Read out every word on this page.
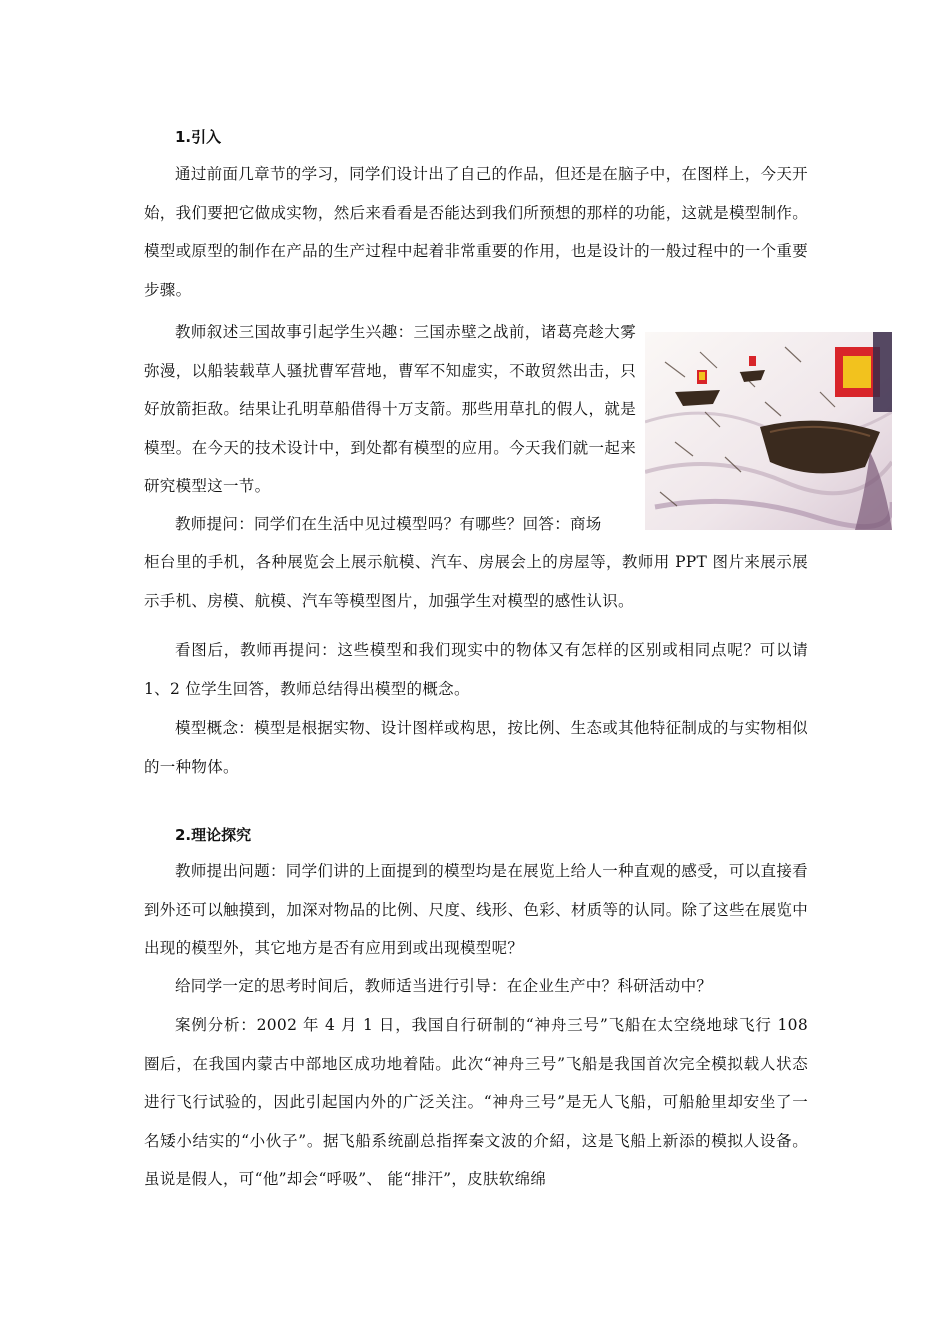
1.引入

通过前面几章节的学习，同学们设计出了自己的作品，但还是在脑子中，在图样上，今天开始，我们要把它做成实物，然后来看看是否能达到我们所预想的那样的功能，这就是模型制作。模型或原型的制作在产品的生产过程中起着非常重要的作用，也是设计的一般过程中的一个重要步骤。

教师叙述三国故事引起学生兴趣：三国赤壁之战前，诸葛亮趁大雾弥漫，以船装载草人骚扰曹军营地，曹军不知虚实，不敢贸然出击，只好放箭拒敌。结果让孔明草船借得十万支箭。那些用草扎的假人，就是模型。在今天的技术设计中，到处都有模型的应用。今天我们就一起来研究模型这一节。

教师提问：同学们在生活中见过模型吗？有哪些？回答：商场

柜台里的手机，各种展览会上展示航模、汽车、房展会上的房屋等，教师用 PPT 图片来展示展示手机、房模、航模、汽车等模型图片，加强学生对模型的感性认识。

看图后，教师再提问：这些模型和我们现实中的物体又有怎样的区别或相同点呢？可以请 1、2 位学生回答，教师总结得出模型的概念。

模型概念：模型是根据实物、设计图样或构思，按比例、生态或其他特征制成的与实物相似的一种物体。

2.理论探究

教师提出问题：同学们讲的上面提到的模型均是在展览上给人一种直观的感受，可以直接看到外还可以触摸到，加深对物品的比例、尺度、线形、色彩、材质等的认同。除了这些在展览中出现的模型外，其它地方是否有应用到或出现模型呢？

给同学一定的思考时间后，教师适当进行引导：在企业生产中？科研活动中？

案例分析：2002 年 4 月 1 日，我国自行研制的“神舟三号”飞船在太空绕地球飞行 108 圈后，在我国内蒙古中部地区成功地着陆。此次“神舟三号”飞船是我国首次完全模拟载人状态进行飞行试验的，因此引起国内外的广泛关注。“神舟三号”是无人飞船，可船舱里却安坐了一名矮小结实的“小伙子”。据飞船系统副总指挥秦文波的介紹，这是飞船上新添的模拟人设备。虽说是假人，可“他”却会“呼吸”、 能“排汗”，皮肤软绵绵
